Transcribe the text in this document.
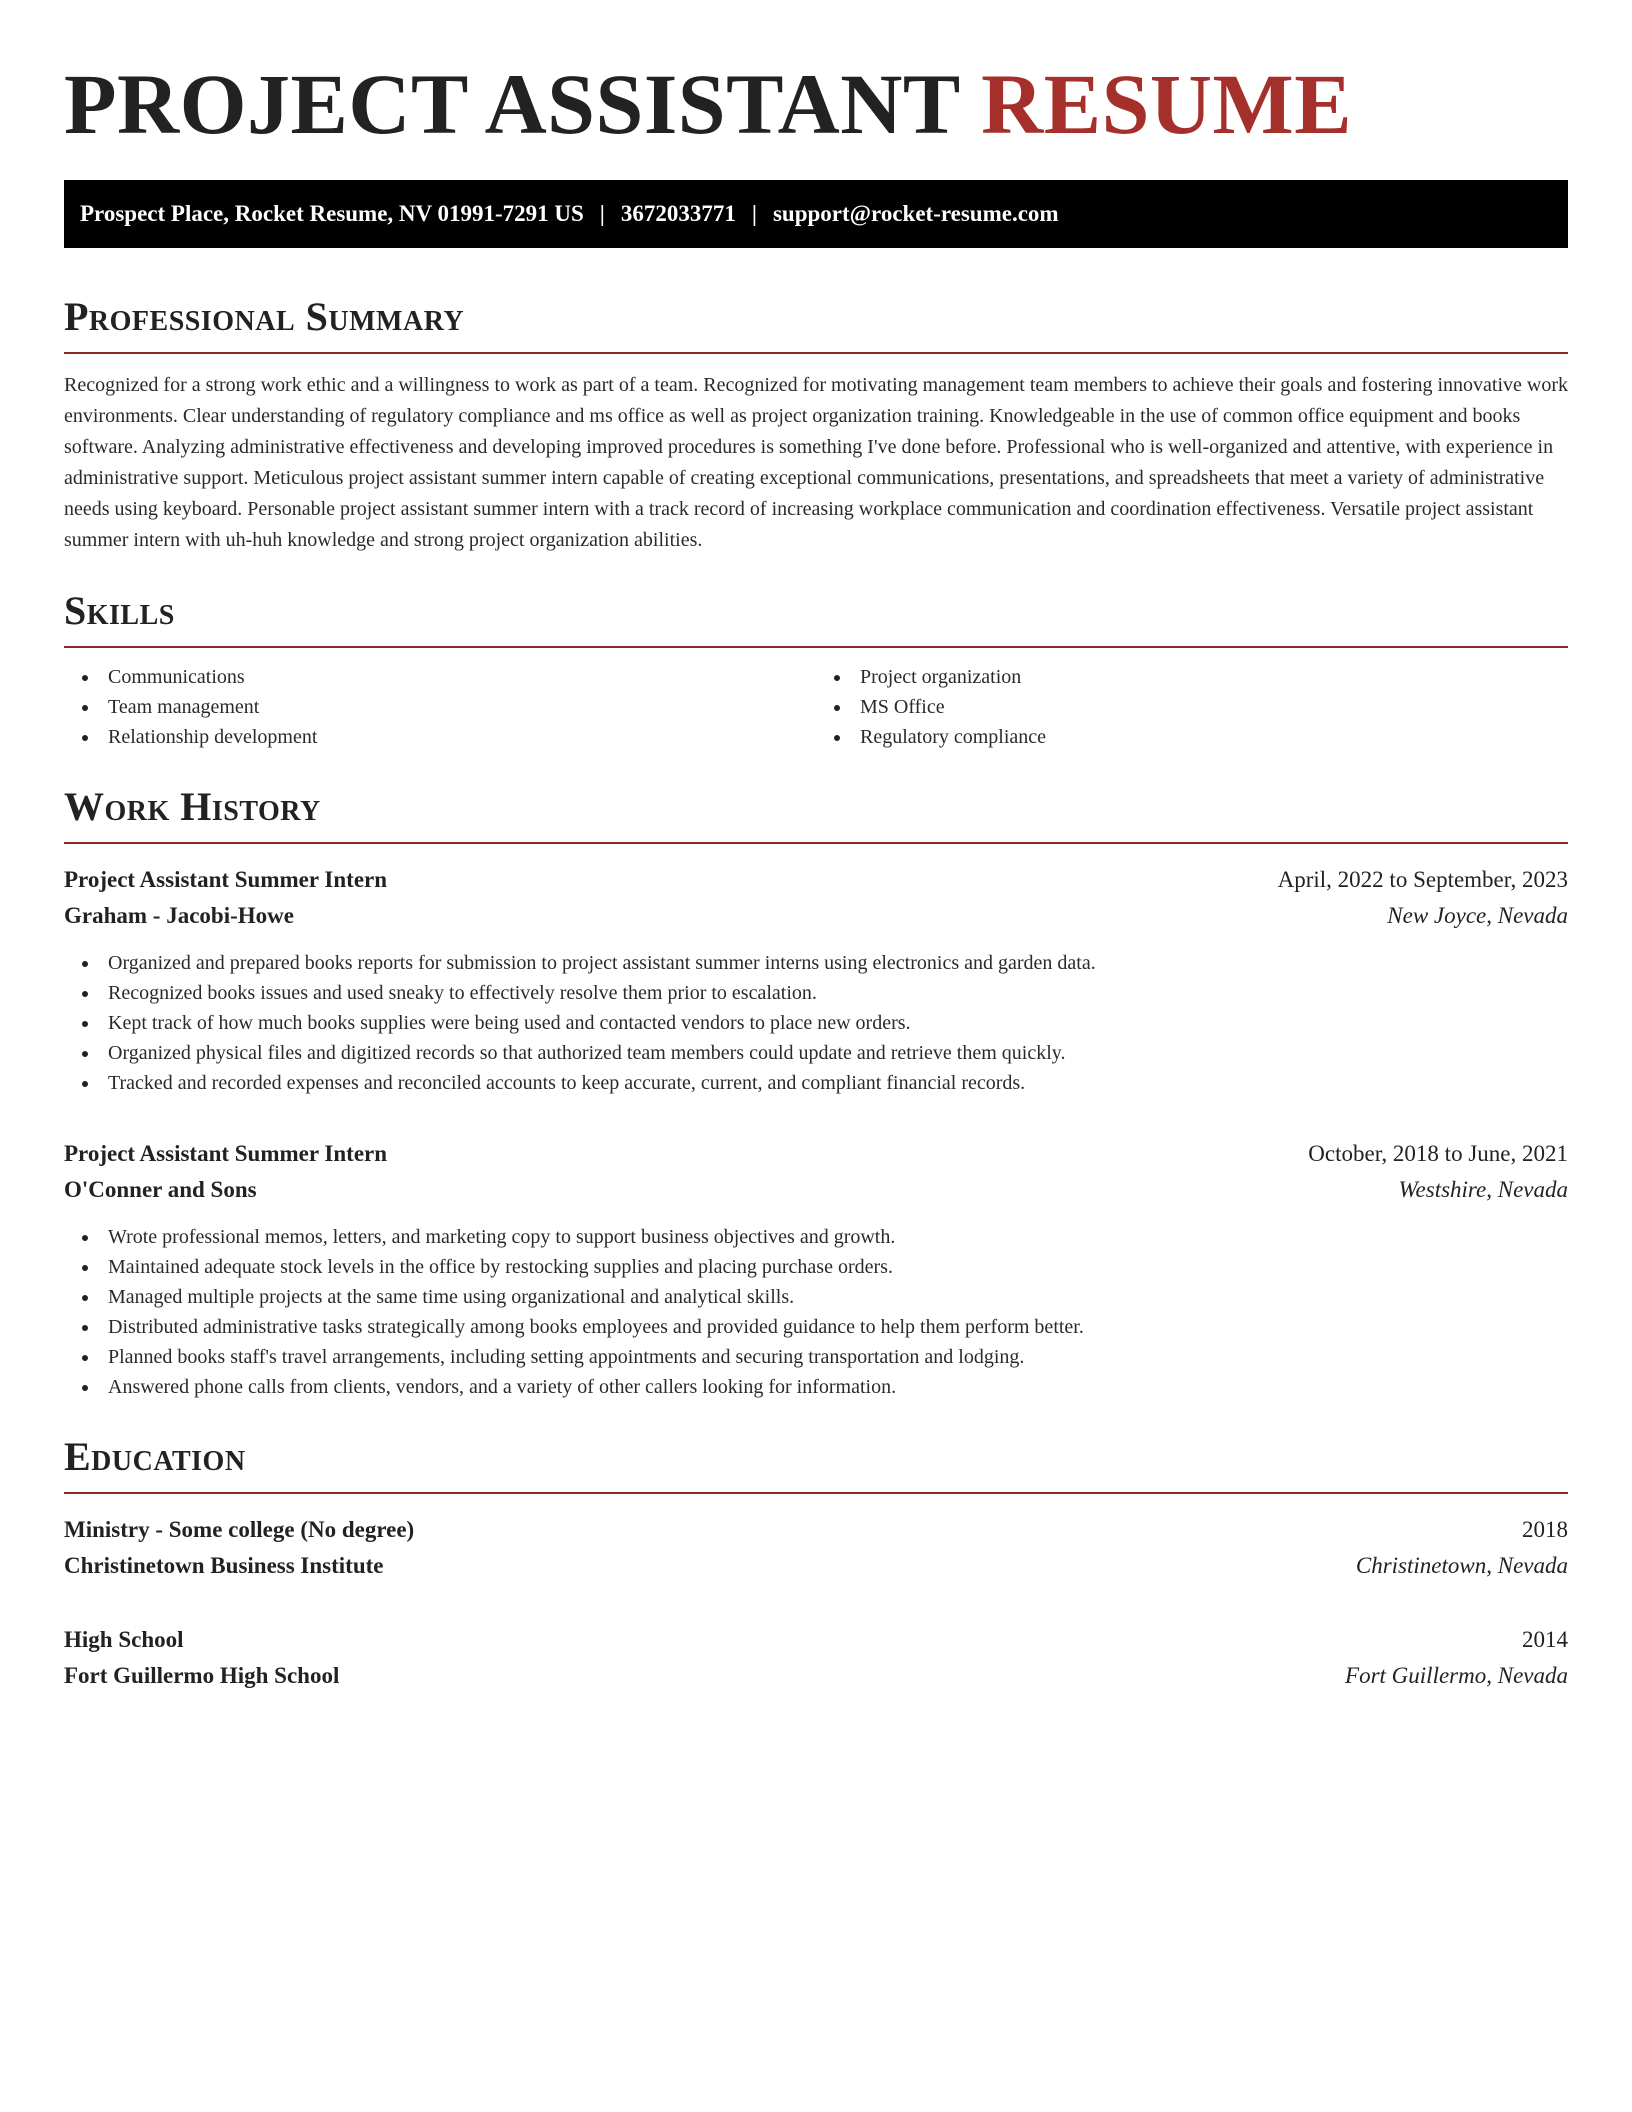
PROJECT ASSISTANT RESUME
Prospect Place, Rocket Resume, NV 01991-7291 US | 3672033771 | support@rocket-resume.com
Professional Summary

Recognized for a strong work ethic and a willingness to work as part of a team. Recognized for motivating management team members to achieve their goals and fostering innovative work environments. Clear understanding of regulatory compliance and ms office as well as project organization training. Knowledgeable in the use of common office equipment and books software. Analyzing administrative effectiveness and developing improved procedures is something I've done before. Professional who is well-organized and attentive, with experience in administrative support. Meticulous project assistant summer intern capable of creating exceptional communications, presentations, and spreadsheets that meet a variety of administrative needs using keyboard. Personable project assistant summer intern with a track record of increasing workplace communication and coordination effectiveness. Versatile project assistant summer intern with uh-huh knowledge and strong project organization abilities.

Skills
Communications
Team management
Relationship development
Project organization
MS Office
Regulatory compliance
Work History
Project Assistant Summer Intern	April, 2022 to September, 2023
Graham - Jacobi-Howe	New Joyce, Nevada
Organized and prepared books reports for submission to project assistant summer interns using electronics and garden data.
Recognized books issues and used sneaky to effectively resolve them prior to escalation.
Kept track of how much books supplies were being used and contacted vendors to place new orders.
Organized physical files and digitized records so that authorized team members could update and retrieve them quickly.
Tracked and recorded expenses and reconciled accounts to keep accurate, current, and compliant financial records.
Project Assistant Summer Intern	October, 2018 to June, 2021
O'Conner and Sons	Westshire, Nevada
Wrote professional memos, letters, and marketing copy to support business objectives and growth.
Maintained adequate stock levels in the office by restocking supplies and placing purchase orders.
Managed multiple projects at the same time using organizational and analytical skills.
Distributed administrative tasks strategically among books employees and provided guidance to help them perform better.
Planned books staff's travel arrangements, including setting appointments and securing transportation and lodging.
Answered phone calls from clients, vendors, and a variety of other callers looking for information.
Education
Ministry - Some college (No degree)	2018
Christinetown Business Institute	Christinetown, Nevada
High School	2014
Fort Guillermo High School	Fort Guillermo, Nevada
